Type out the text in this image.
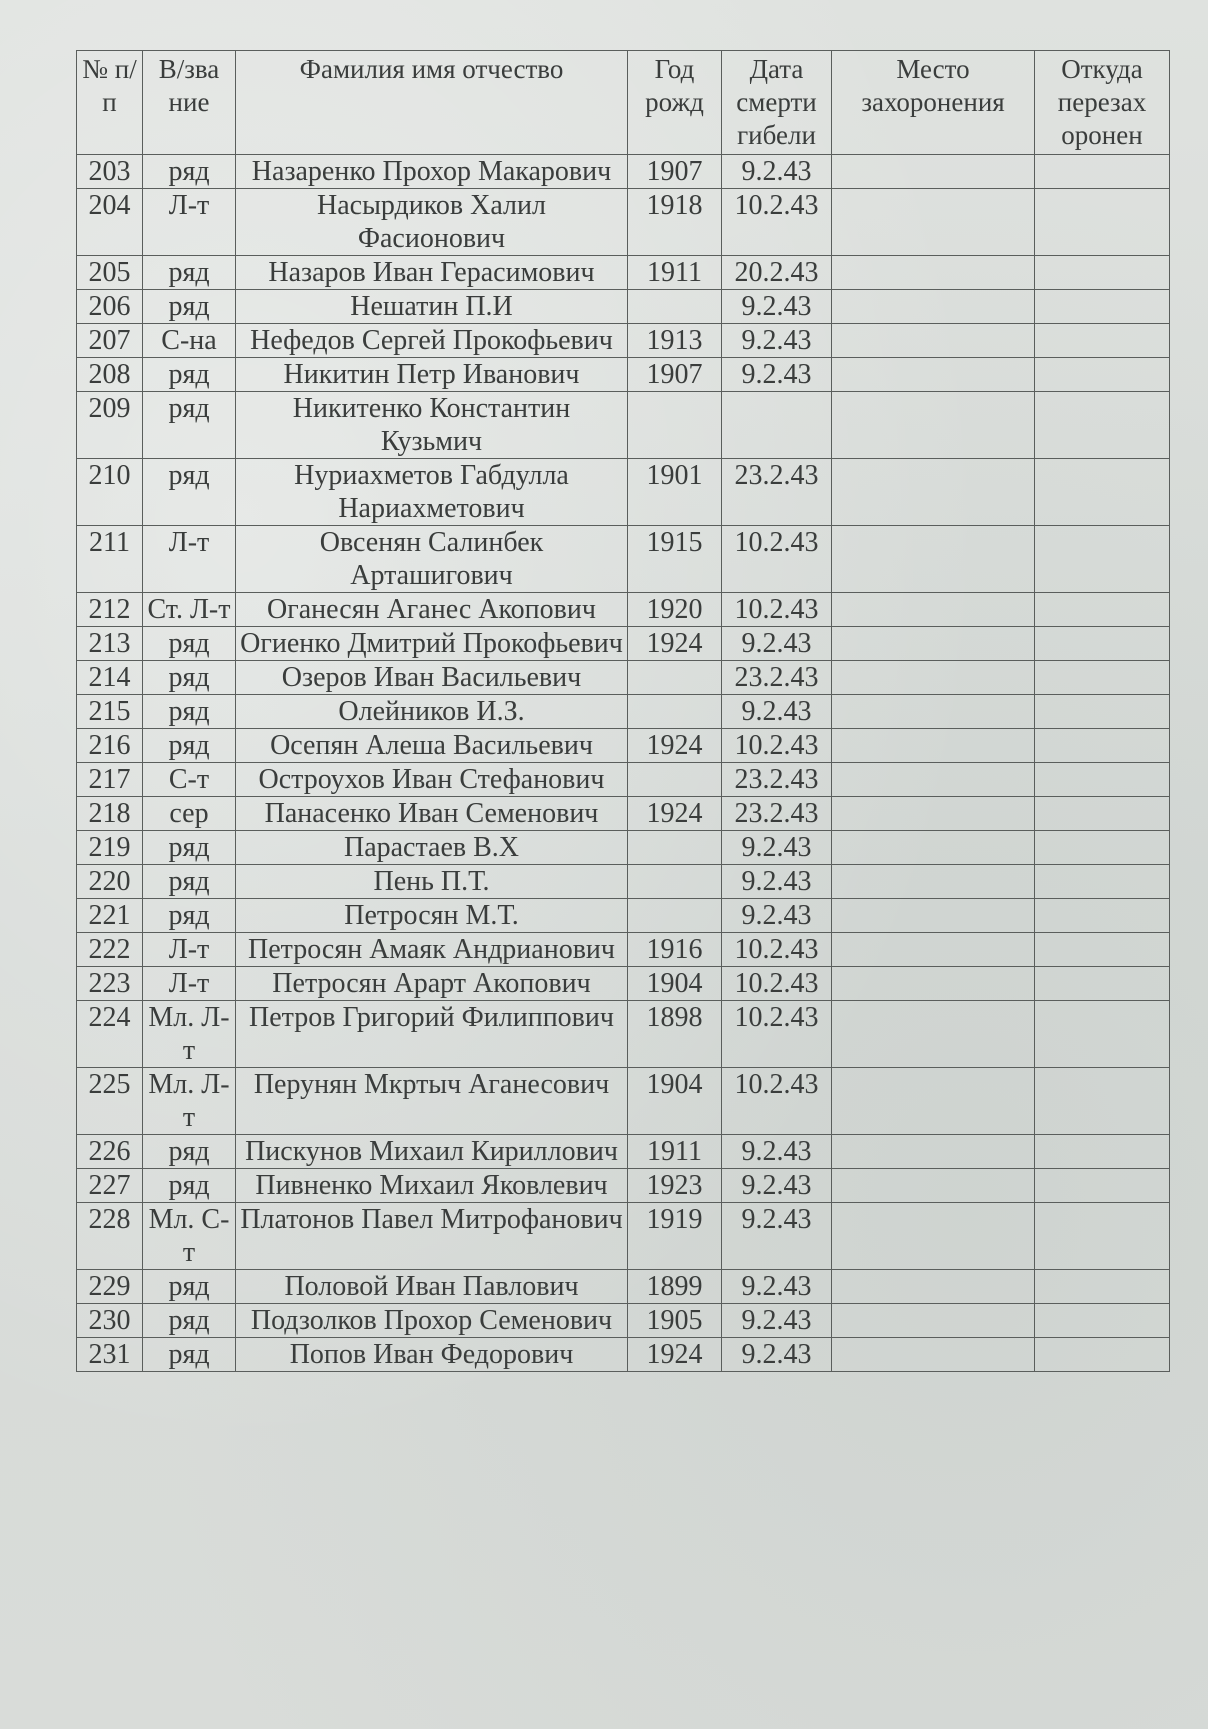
№ п/п	В/зва ние	Фамилия имя отчество	Год рожд	Дата смерти гибели	Место захоронения	Откуда перезах оронен
203	ряд	Назаренко Прохор Макарович	1907	9.2.43		
204	Л-т	Насырдиков Халил Фасионович	1918	10.2.43		
205	ряд	Назаров Иван Герасимович	1911	20.2.43		
206	ряд	Нешатин П.И		9.2.43		
207	С-на	Нефедов Сергей Прокофьевич	1913	9.2.43		
208	ряд	Никитин Петр Иванович	1907	9.2.43		
209	ряд	Никитенко Константин Кузьмич				
210	ряд	Нуриахметов Габдулла Нариахметович	1901	23.2.43		
211	Л-т	Овсенян Салинбек Арташигович	1915	10.2.43		
212	Ст. Л-т	Оганесян Аганес Акопович	1920	10.2.43		
213	ряд	Огиенко Дмитрий Прокофьевич	1924	9.2.43		
214	ряд	Озеров Иван Васильевич		23.2.43		
215	ряд	Олейников И.З.		9.2.43		
216	ряд	Осепян Алеша Васильевич	1924	10.2.43		
217	С-т	Остроухов Иван Стефанович		23.2.43		
218	сер	Панасенко Иван Семенович	1924	23.2.43		
219	ряд	Парастаев В.Х		9.2.43		
220	ряд	Пень П.Т.		9.2.43		
221	ряд	Петросян М.Т.		9.2.43		
222	Л-т	Петросян Амаяк Андрианович	1916	10.2.43		
223	Л-т	Петросян Арарт Акопович	1904	10.2.43		
224	Мл. Л-т	Петров Григорий Филиппович	1898	10.2.43		
225	Мл. Л-т	Перунян Мкртыч Аганесович	1904	10.2.43		
226	ряд	Пискунов Михаил Кириллович	1911	9.2.43		
227	ряд	Пивненко Михаил Яковлевич	1923	9.2.43		
228	Мл. С-т	Платонов Павел Митрофанович	1919	9.2.43		
229	ряд	Половой Иван Павлович	1899	9.2.43		
230	ряд	Подзолков Прохор Семенович	1905	9.2.43		
231	ряд	Попов Иван Федорович	1924	9.2.43		
